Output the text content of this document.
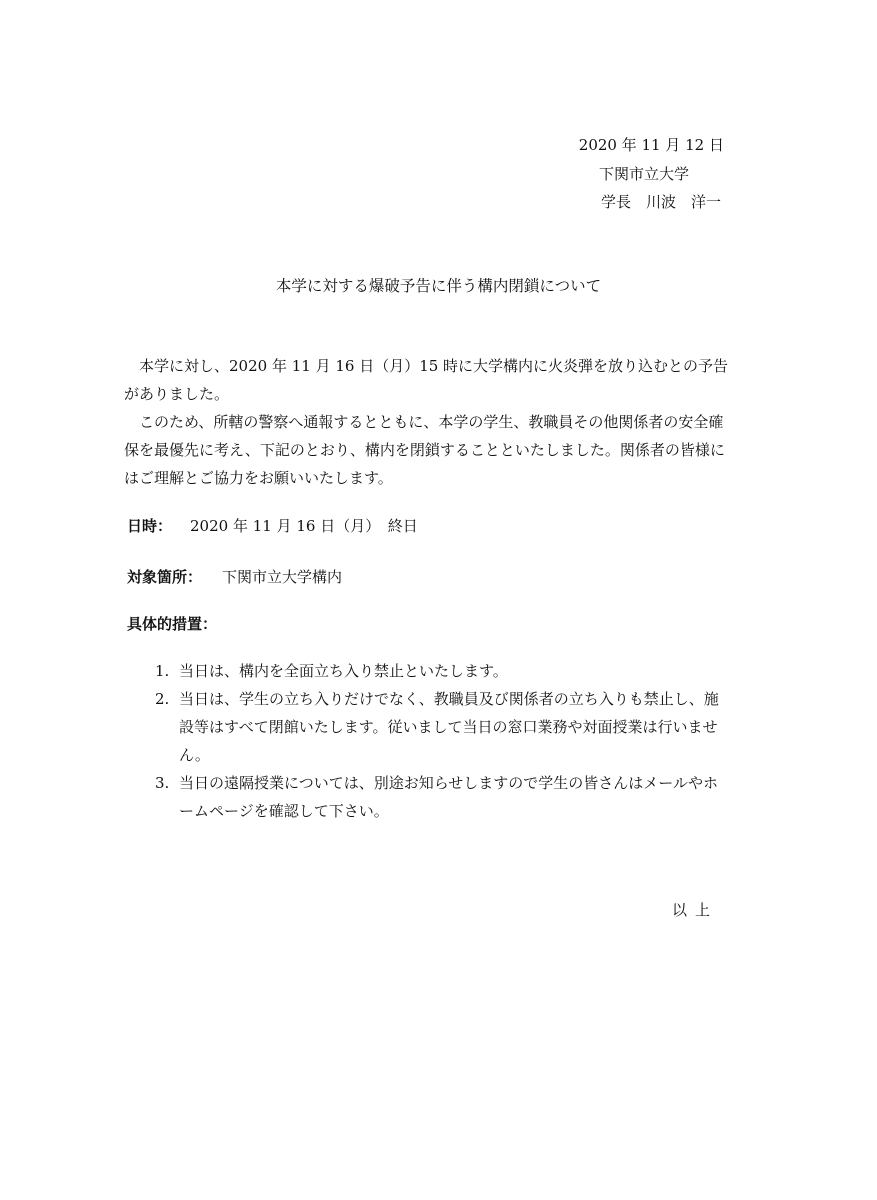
2020 年 11 月 12 日
下関市立大学
学長　川波　洋一
本学に対する爆破予告に伴う構内閉鎖について

本学に対し、2020 年 11 月 16 日（月）15 時に大学構内に火炎弾を放り込むとの予告がありました。

このため、所轄の警察へ通報するとともに、本学の学生、教職員その他関係者の安全確保を最優先に考え、下記のとおり、構内を閉鎖することといたしました。関係者の皆様にはご理解とご協力をお願いいたします。

日時： 2020 年 11 月 16 日（月）　終日
対象箇所： 下関市立大学構内
具体的措置：
1. 当日は、構内を全面立ち入り禁止といたします。
2. 当日は、学生の立ち入りだけでなく、教職員及び関係者の立ち入りも禁止し、施設等はすべて閉館いたします。従いまして当日の窓口業務や対面授業は行いません。
3. 当日の遠隔授業については、別途お知らせしますので学生の皆さんはメールやホームページを確認して下さい。
以上
